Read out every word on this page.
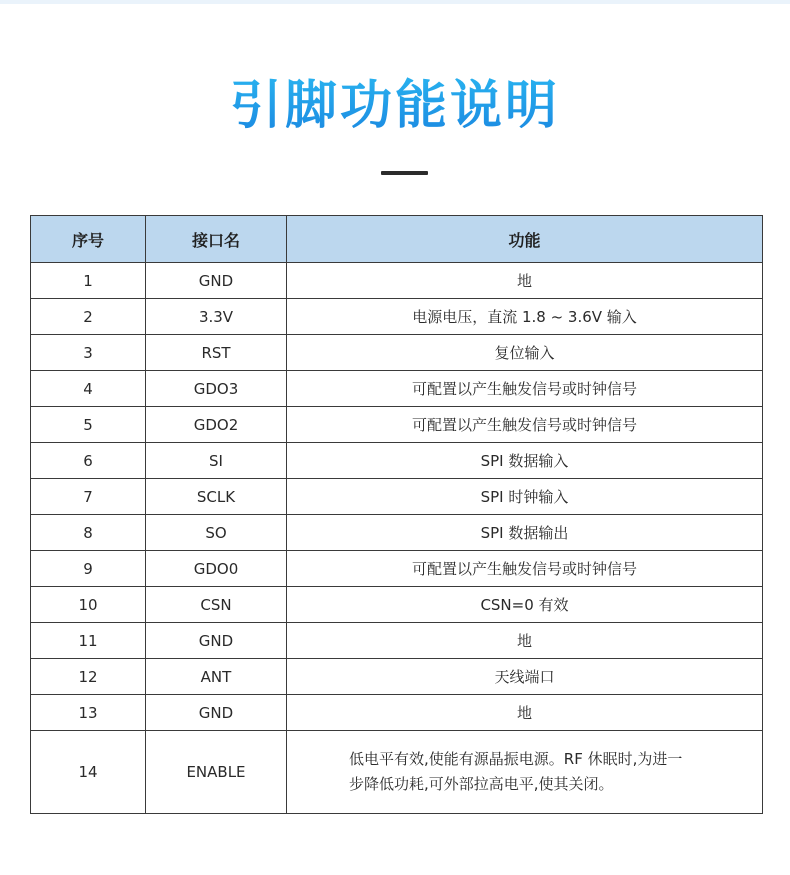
引脚功能说明
序号	接口名	功能
1	GND	地
2	3.3V	电源电压，直流 1.8 ~ 3.6V 输入
3	RST	复位输入
4	GDO3	可配置以产生触发信号或时钟信号
5	GDO2	可配置以产生触发信号或时钟信号
6	SI	SPI 数据输入
7	SCLK	SPI 时钟输入
8	SO	SPI 数据输出
9	GDO0	可配置以产生触发信号或时钟信号
10	CSN	CSN=0 有效
11	GND	地
12	ANT	天线端口
13	GND	地
14	ENABLE	低电平有效,使能有源晶振电源。RF 休眠时,为进一步降低功耗,可外部拉高电平,使其关闭。
